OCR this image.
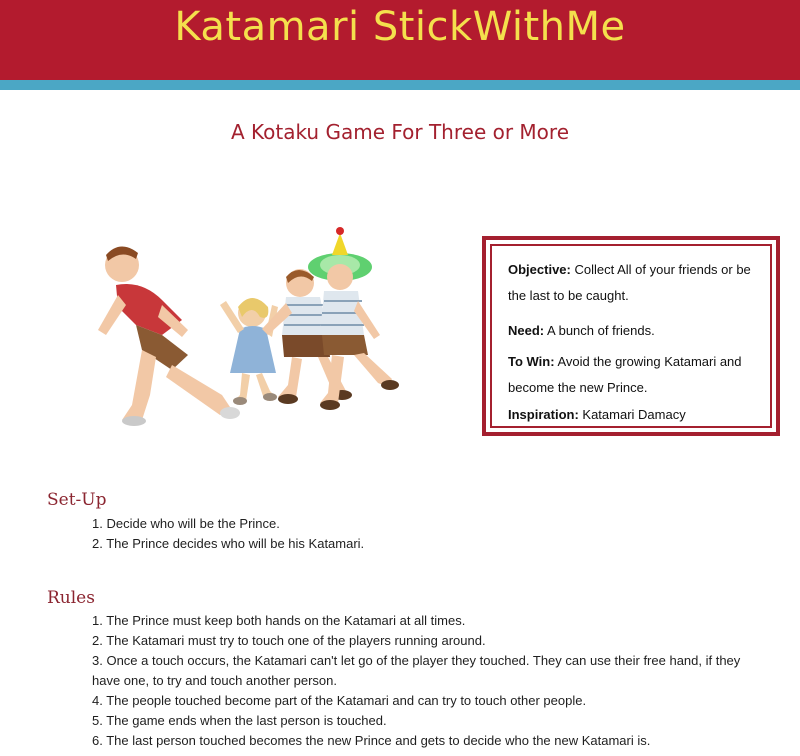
Katamari StickWithMe
A Kotaku Game For Three or More
Objective: Collect All of your friends or be the last to be caught.
Need: A bunch of friends.
To Win: Avoid the growing Katamari and become the new Prince.
Inspiration: Katamari Damacy
Set-Up
1. Decide who will be the Prince.
2. The Prince decides who will be his Katamari.
Rules
1. The Prince must keep both hands on the Katamari at all times.
2. The Katamari must try to touch one of the players running around.
3. Once a touch occurs, the Katamari can't let go of the player they touched. They can use their free hand, if they have one, to try and touch another person.
4. The people touched become part of the Katamari and can try to touch other people.
5. The game ends when the last person is touched.
6. The last person touched becomes the new Prince and gets to decide who the new Katamari is.
